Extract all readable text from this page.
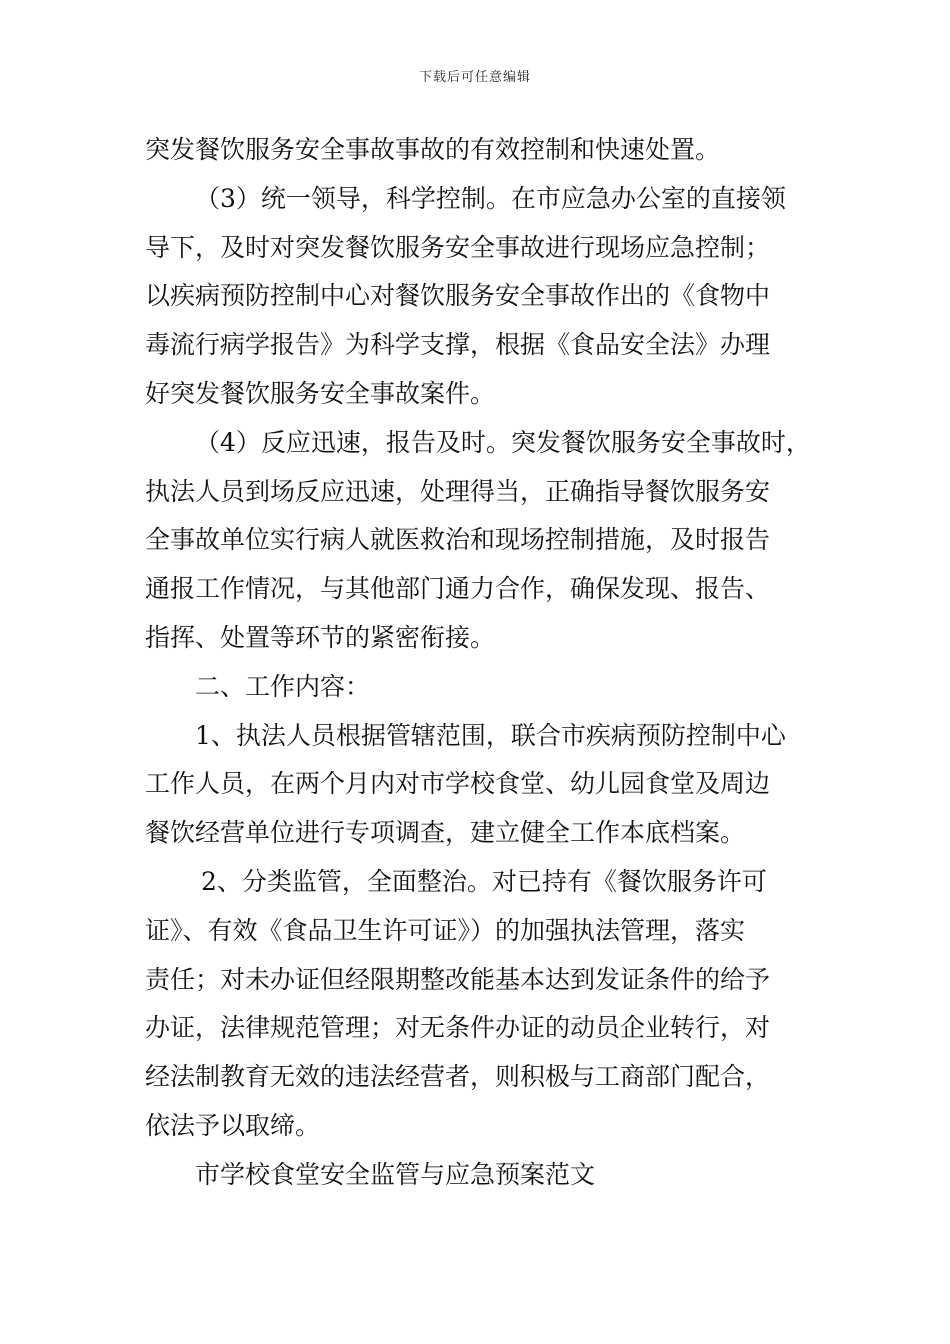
下载后可任意编辑
突发餐饮服务安全事故事故的有效控制和快速处置。
（3）统一领导，科学控制。在市应急办公室的直接领
导下，及时对突发餐饮服务安全事故进行现场应急控制；
以疾病预防控制中心对餐饮服务安全事故作出的《食物中
毒流行病学报告》为科学支撑，根据《食品安全法》办理
好突发餐饮服务安全事故案件。
（4）反应迅速，报告及时。突发餐饮服务安全事故时，
执法人员到场反应迅速，处理得当，正确指导餐饮服务安
全事故单位实行病人就医救治和现场控制措施，及时报告
通报工作情况，与其他部门通力合作，确保发现、报告、
指挥、处置等环节的紧密衔接。
二、工作内容：
1、执法人员根据管辖范围，联合市疾病预防控制中心
工作人员，在两个月内对市学校食堂、幼儿园食堂及周边
餐饮经营单位进行专项调查，建立健全工作本底档案。
2、分类监管，全面整治。对已持有《餐饮服务许可
证》、有效《食品卫生许可证》）的加强执法管理，落实
责任；对未办证但经限期整改能基本达到发证条件的给予
办证，法律规范管理；对无条件办证的动员企业转行，对
经法制教育无效的违法经营者，则积极与工商部门配合，
依法予以取缔。
市学校食堂安全监管与应急预案范文
